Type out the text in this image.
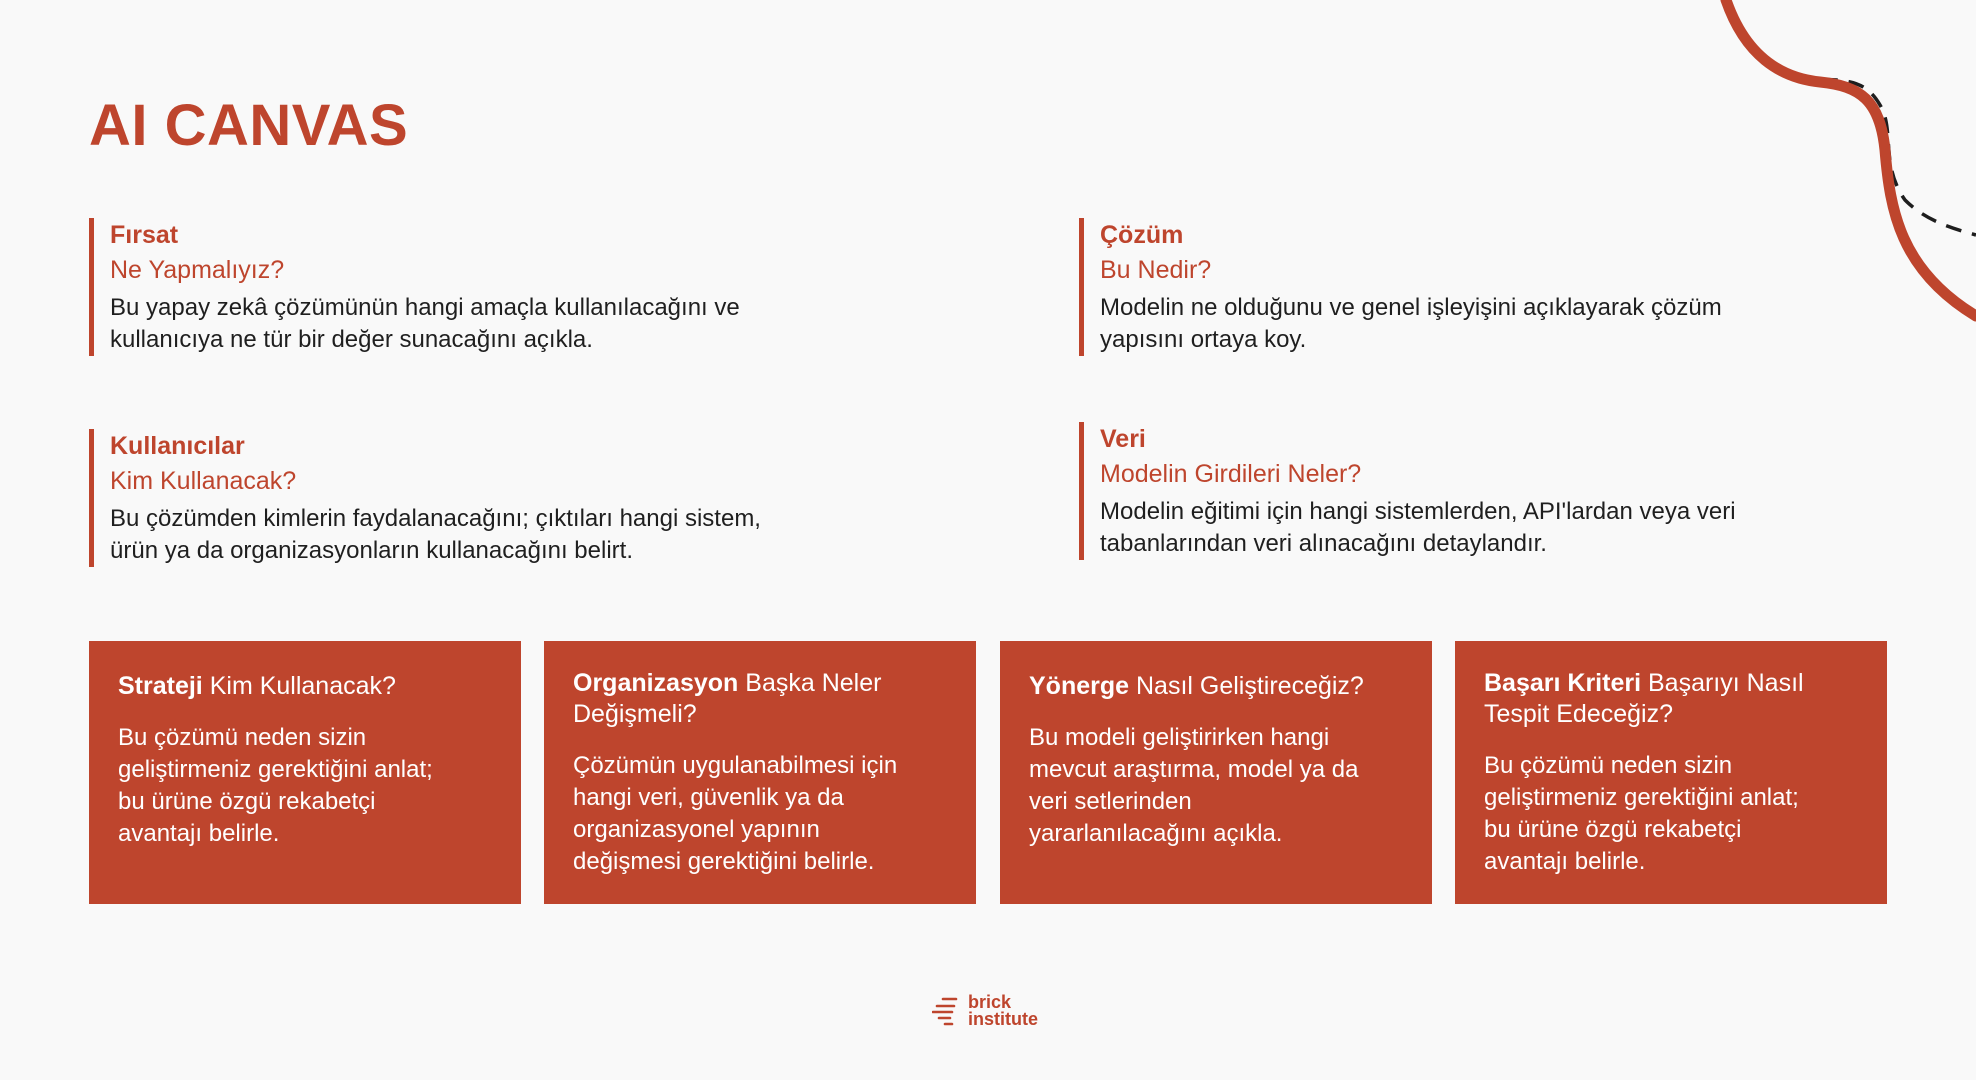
AI CANVAS
Fırsat
Ne Yapmalıyız?
Bu yapay zekâ çözümünün hangi amaçla kullanılacağını ve
kullanıcıya ne tür bir değer sunacağını açıkla.
Çözüm
Bu Nedir?
Modelin ne olduğunu ve genel işleyişini açıklayarak çözüm
yapısını ortaya koy.
Kullanıcılar
Kim Kullanacak?
Bu çözümden kimlerin faydalanacağını; çıktıları hangi sistem,
ürün ya da organizasyonların kullanacağını belirt.
Veri
Modelin Girdileri Neler?
Modelin eğitimi için hangi sistemlerden, API'lardan veya veri
tabanlarından veri alınacağını detaylandır.
Strateji Kim Kullanacak?
Bu çözümü neden sizin
geliştirmeniz gerektiğini anlat;
bu ürüne özgü rekabetçi
avantajı belirle.
Organizasyon Başka Neler Değişmeli?
Çözümün uygulanabilmesi için
hangi veri, güvenlik ya da
organizasyonel yapının
değişmesi gerektiğini belirle.
Yönerge Nasıl Geliştireceğiz?
Bu modeli geliştirirken hangi
mevcut araştırma, model ya da
veri setlerinden
yararlanılacağını açıkla.
Başarı Kriteri Başarıyı Nasıl Tespit Edeceğiz?
Bu çözümü neden sizin
geliştirmeniz gerektiğini anlat;
bu ürüne özgü rekabetçi
avantajı belirle.
brick
institute
